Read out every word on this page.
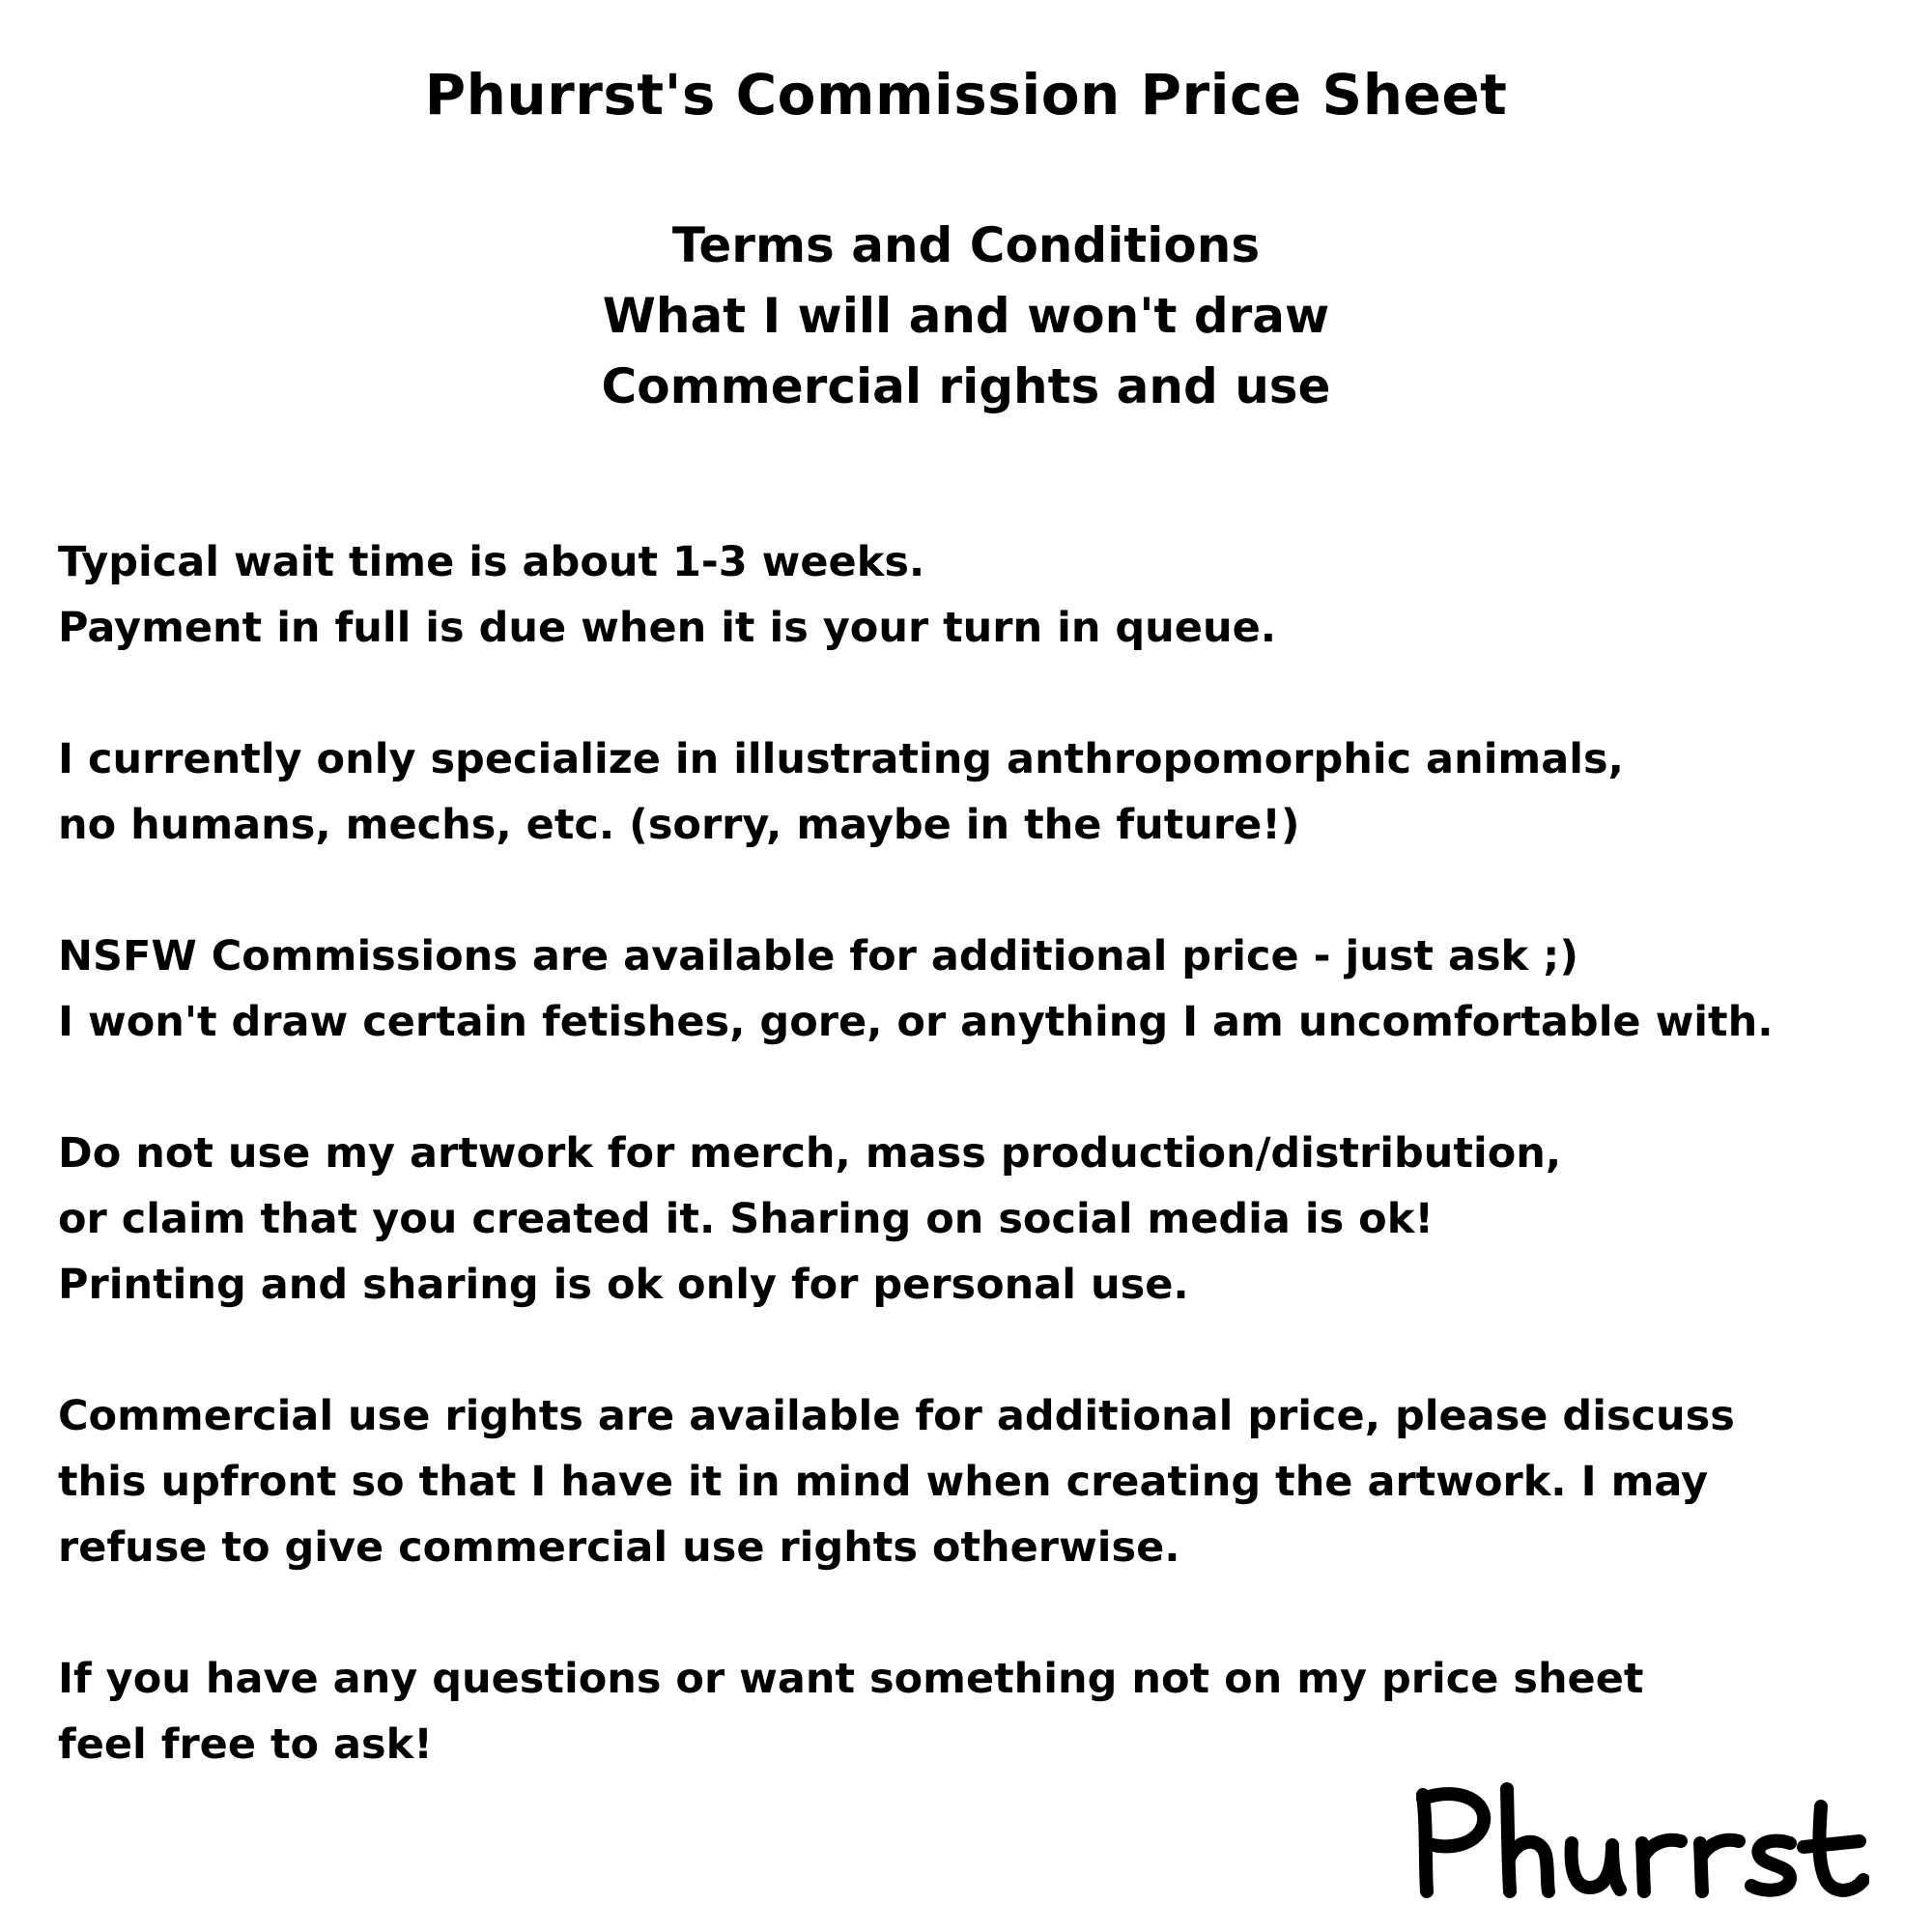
Phurrst's Commission Price Sheet
Terms and Conditions
What I will and won't draw
Commercial rights and use
Typical wait time is about 1-3 weeks.
Payment in full is due when it is your turn in queue.
I currently only specialize in illustrating anthropomorphic animals,
no humans, mechs, etc. (sorry, maybe in the future!)
NSFW Commissions are available for additional price - just ask ;)
I won't draw certain fetishes, gore, or anything I am uncomfortable with.
Do not use my artwork for merch, mass production/distribution,
or claim that you created it. Sharing on social media is ok!
Printing and sharing is ok only for personal use.
Commercial use rights are available for additional price, please discuss
this upfront so that I have it in mind when creating the artwork. I may
refuse to give commercial use rights otherwise.
If you have any questions or want something not on my price sheet
feel free to ask!
